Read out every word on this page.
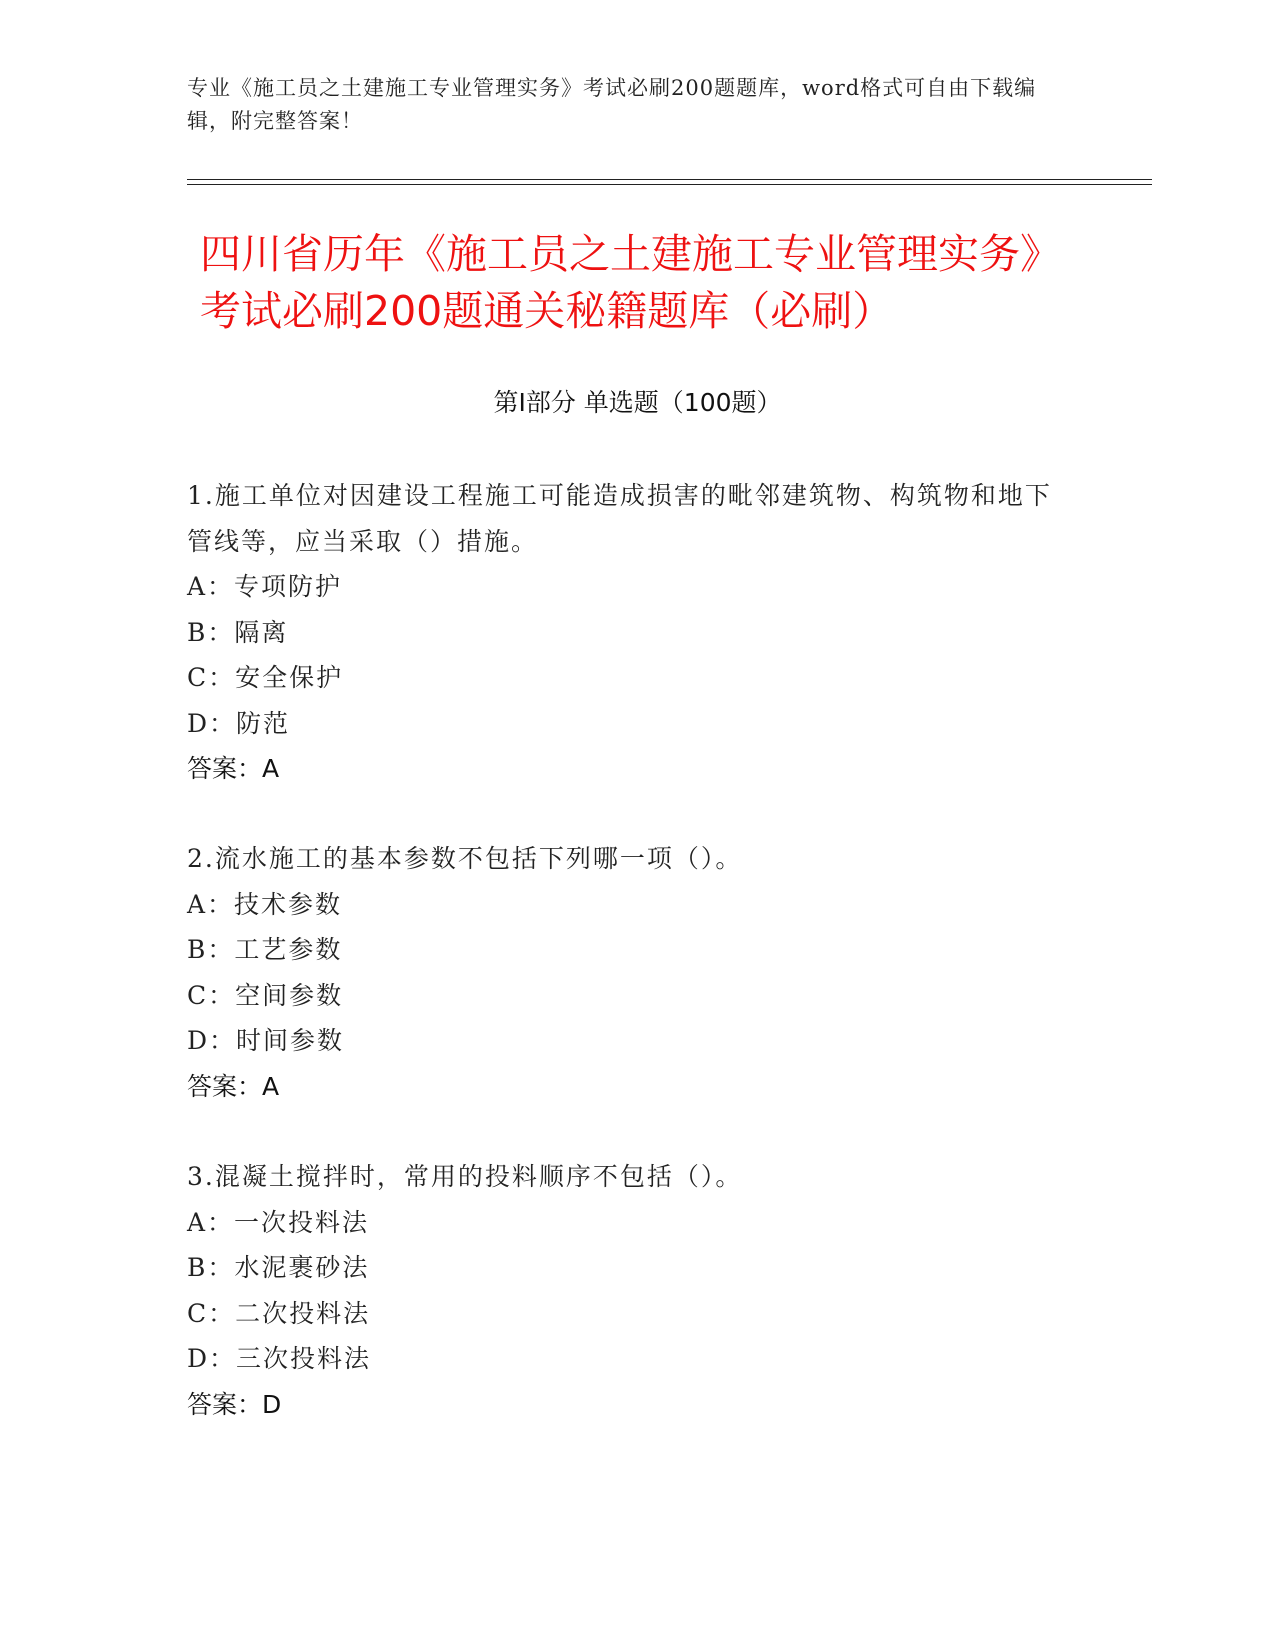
专业《施工员之土建施工专业管理实务》考试必刷200题题库，word格式可自由下载编辑，附完整答案！
四川省历年《施工员之土建施工专业管理实务》考试必刷200题通关秘籍题库（必刷）
第Ⅰ部分 单选题（100题）

1.施工单位对因建设工程施工可能造成损害的毗邻建筑物、构筑物和地下管线等，应当采取（）措施。

A：专项防护

B：隔离

C：安全保护

D：防范

答案：A

2.流水施工的基本参数不包括下列哪一项（）。

A：技术参数

B：工艺参数

C：空间参数

D：时间参数

答案：A

3.混凝土搅拌时，常用的投料顺序不包括（）。

A：一次投料法

B：水泥裹砂法

C：二次投料法

D：三次投料法

答案：D
